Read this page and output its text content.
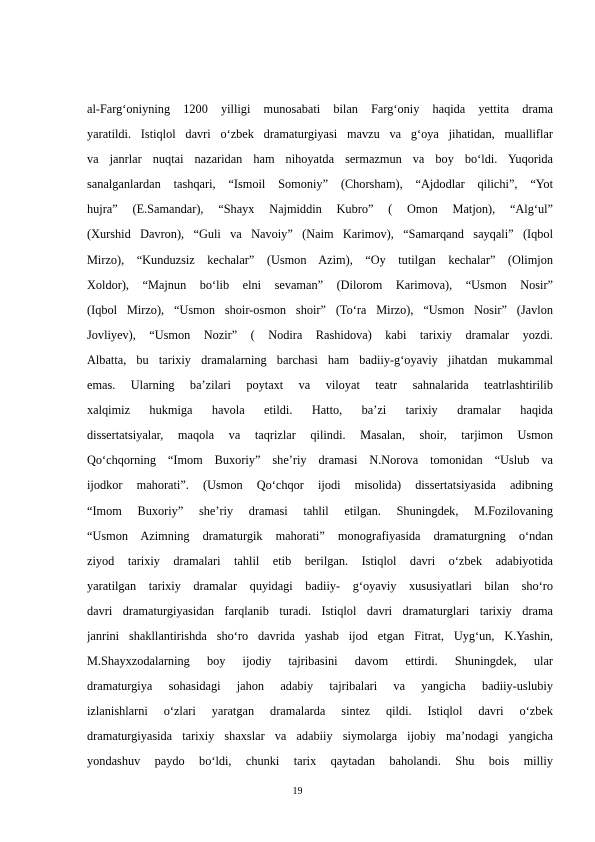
al-Farg‘oniyning 1200 yilligi munosabati bilan Farg‘oniy haqida yettita drama
yaratildi. Istiqlol davri o‘zbek dramaturgiyasi mavzu va g‘oya jihatidan, mualliflar
va janrlar nuqtai nazaridan ham nihoyatda sermazmun va boy bo‘ldi. Yuqorida
sanalganlardan tashqari, “Ismoil Somoniy” (Chorsham), “Ajdodlar qilichi”, “Yot
hujra” (E.Samandar), “Shayx Najmiddin Kubro” ( Omon Matjon), “Alg‘ul”
(Xurshid Davron), “Guli va Navoiy” (Naim Karimov), “Samarqand sayqali” (Iqbol
Mirzo), “Kunduzsiz kechalar” (Usmon Azim), “Oy tutilgan kechalar” (Olimjon
Xoldor), “Majnun bo‘lib elni sevaman” (Dilorom Karimova), “Usmon Nosir”
(Iqbol Mirzo), “Usmon shoir-osmon shoir” (To‘ra Mirzo), “Usmon Nosir” (Javlon
Jovliyev), “Usmon Nozir” ( Nodira Rashidova) kabi tarixiy dramalar yozdi.
Albatta, bu tarixiy dramalarning barchasi ham badiiy-g‘oyaviy jihatdan mukammal
emas. Ularning ba’zilari poytaxt va viloyat teatr sahnalarida teatrlashtirilib
xalqimiz hukmiga havola etildi. Hatto, ba’zi tarixiy dramalar haqida
dissertatsiyalar, maqola va taqrizlar qilindi. Masalan, shoir, tarjimon Usmon
Qo‘chqorning “Imom Buxoriy” she’riy dramasi N.Norova tomonidan “Uslub va
ijodkor mahorati”. (Usmon Qo‘chqor ijodi misolida) dissertatsiyasida adibning
“Imom Buxoriy” she’riy dramasi tahlil etilgan. Shuningdek, M.Fozilovaning
“Usmon Azimning dramaturgik mahorati” monografiyasida dramaturgning o‘ndan
ziyod tarixiy dramalari tahlil etib berilgan. Istiqlol davri o‘zbek adabiyotida
yaratilgan tarixiy dramalar quyidagi badiiy- g‘oyaviy xususiyatlari bilan sho‘ro
davri dramaturgiyasidan farqlanib turadi. Istiqlol davri dramaturglari tarixiy drama
janrini shakllantirishda sho‘ro davrida yashab ijod etgan Fitrat, Uyg‘un, K.Yashin,
M.Shayxzodalarning boy ijodiy tajribasini davom ettirdi. Shuningdek, ular
dramaturgiya sohasidagi jahon adabiy tajribalari va yangicha badiiy-uslubiy
izlanishlarni o‘zlari yaratgan dramalarda sintez qildi. Istiqlol davri o‘zbek
dramaturgiyasida tarixiy shaxslar va adabiiy siymolarga ijobiy ma’nodagi yangicha
yondashuv paydo bo‘ldi, chunki tarix qaytadan baholandi. Shu bois milliy
19
